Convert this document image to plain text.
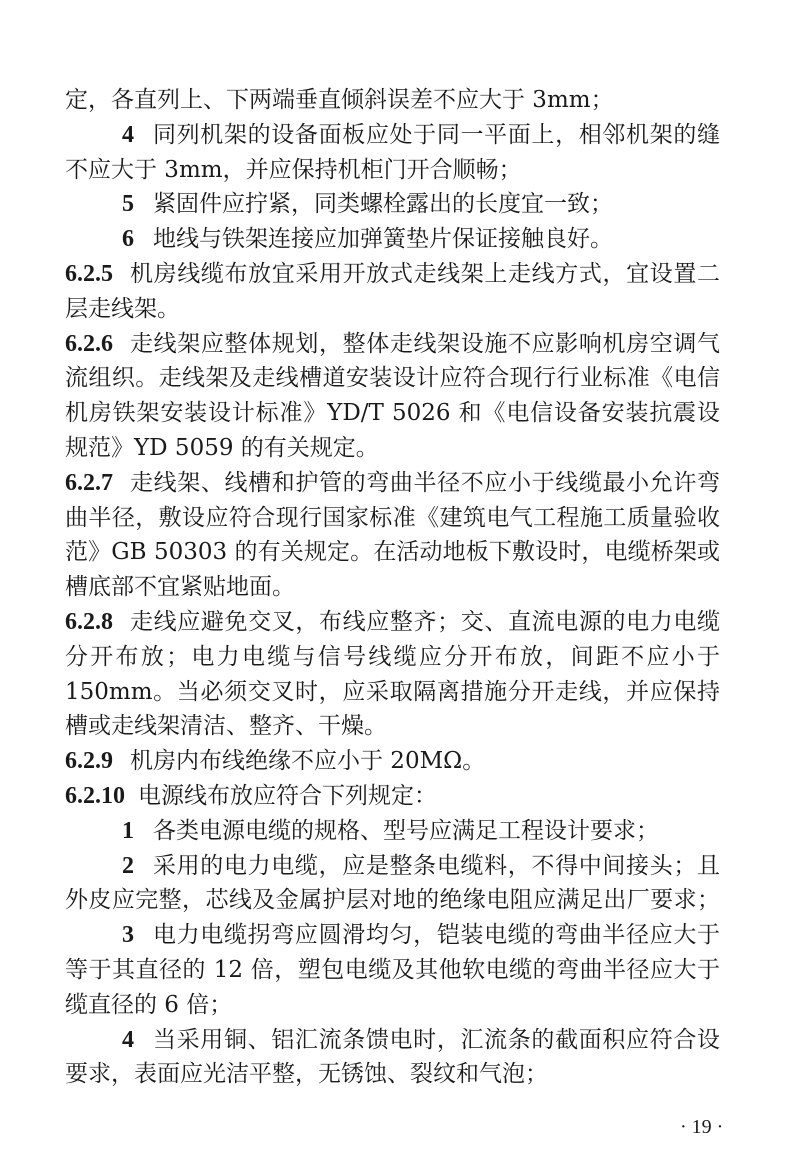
· 19 ·
定，各直列上、下两端垂直倾斜误差不应大于 3mm；
4 同列机架的设备面板应处于同一平面上，相邻机架的缝
不应大于 3mm，并应保持机柜门开合顺畅；
5 紧固件应拧紧，同类螺栓露出的长度宜一致；
6 地线与铁架连接应加弹簧垫片保证接触良好。
6.2.5 机房线缆布放宜采用开放式走线架上走线方式，宜设置二
层走线架。
6.2.6 走线架应整体规划，整体走线架设施不应影响机房空调气
流组织。走线架及走线槽道安装设计应符合现行行业标准《电信
机房铁架安装设计标准》YD/T 5026 和《电信设备安装抗震设
规范》YD 5059 的有关规定。
6.2.7 走线架、线槽和护管的弯曲半径不应小于线缆最小允许弯
曲半径，敷设应符合现行国家标准《建筑电气工程施工质量验收
范》GB 50303 的有关规定。在活动地板下敷设时，电缆桥架或
槽底部不宜紧贴地面。
6.2.8 走线应避免交叉，布线应整齐；交、直流电源的电力电缆
分开布放；电力电缆与信号线缆应分开布放，间距不应小于
150mm。当必须交叉时，应采取隔离措施分开走线，并应保持
槽或走线架清洁、整齐、干燥。
6.2.9 机房内布线绝缘不应小于 20MΩ。
6.2.10 电源线布放应符合下列规定：
1 各类电源电缆的规格、型号应满足工程设计要求；
2 采用的电力电缆，应是整条电缆料，不得中间接头；且
外皮应完整，芯线及金属护层对地的绝缘电阻应满足出厂要求；
3 电力电缆拐弯应圆滑均匀，铠装电缆的弯曲半径应大于
等于其直径的 12 倍，塑包电缆及其他软电缆的弯曲半径应大于
缆直径的 6 倍；
4 当采用铜、铝汇流条馈电时，汇流条的截面积应符合设
要求，表面应光洁平整，无锈蚀、裂纹和气泡；
